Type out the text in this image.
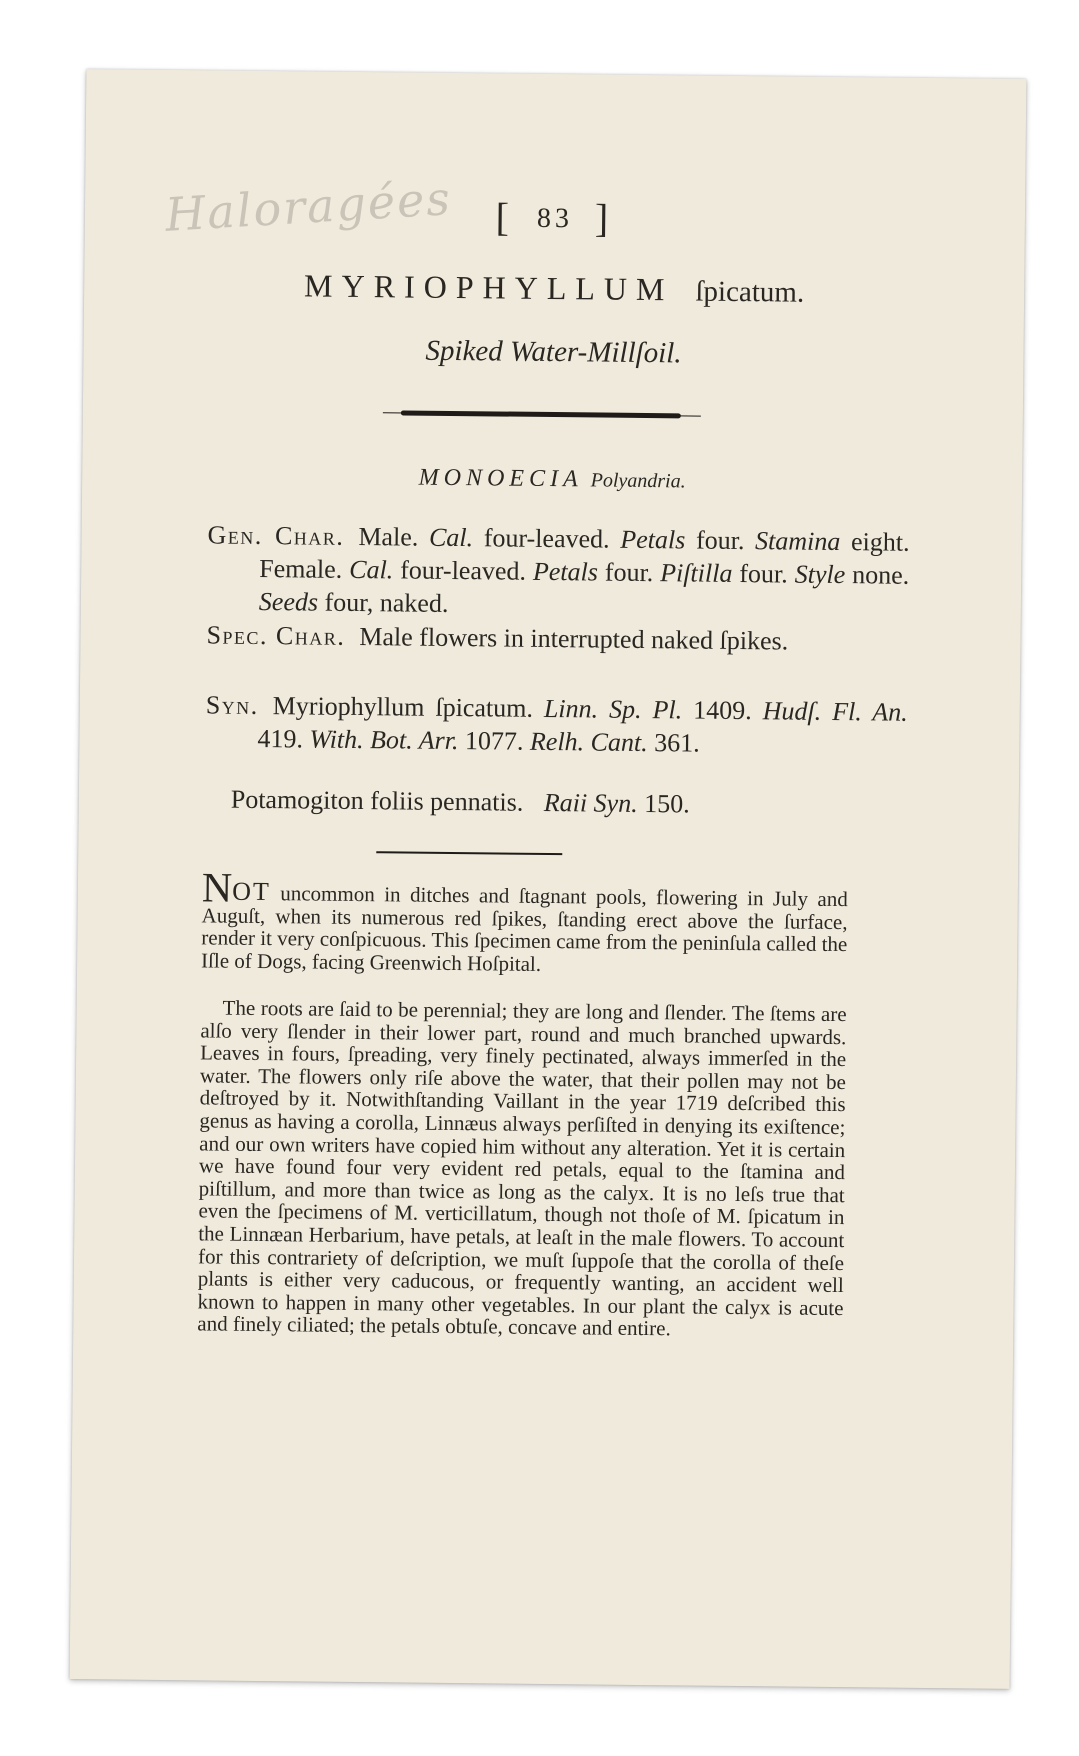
Haloragées	[ 83 ]
MYRIOPHYLLUM ſpicatum.
Spiked Water-Millſoil.
MONOECIA Polyandria.
Gen. Char. Male. Cal. four-leaved. Petals four. Stamina eight. Female. Cal. four-leaved. Petals four. Piſtilla four. Style none. Seeds four, naked.
Spec. Char. Male flowers in interrupted naked ſpikes.
Syn. Myriophyllum ſpicatum. Linn. Sp. Pl. 1409. Hudſ. Fl. An. 419. With. Bot. Arr. 1077. Relh. Cant. 361.
Potamogiton foliis pennatis. Raii Syn. 150.
NOT uncommon in ditches and ſtagnant pools, flowering in July and Auguſt, when its numerous red ſpikes, ſtanding erect above the ſurface, render it very conſpicuous. This ſpecimen came from the peninſula called the Iſle of Dogs, facing Greenwich Hoſpital.
The roots are ſaid to be perennial; they are long and ſlender. The ſtems are alſo very ſlender in their lower part, round and much branched upwards. Leaves in fours, ſpreading, very finely pectinated, always immerſed in the water. The flowers only riſe above the water, that their pollen may not be deſtroyed by it. Notwithſtanding Vaillant in the year 1719 deſcribed this genus as having a corolla, Linnæus always perſiſted in denying its exiſtence; and our own writers have copied him without any alteration. Yet it is certain we have found four very evident red petals, equal to the ſtamina and piſtillum, and more than twice as long as the calyx. It is no leſs true that even the ſpecimens of M. verticillatum, though not thoſe of M. ſpicatum in the Linnæan Herbarium, have petals, at leaſt in the male flowers. To account for this contrariety of deſcription, we muſt ſuppoſe that the corolla of theſe plants is either very caducous, or frequently wanting, an accident well known to happen in many other vegetables. In our plant the calyx is acute and finely ciliated; the petals obtuſe, concave and entire.
